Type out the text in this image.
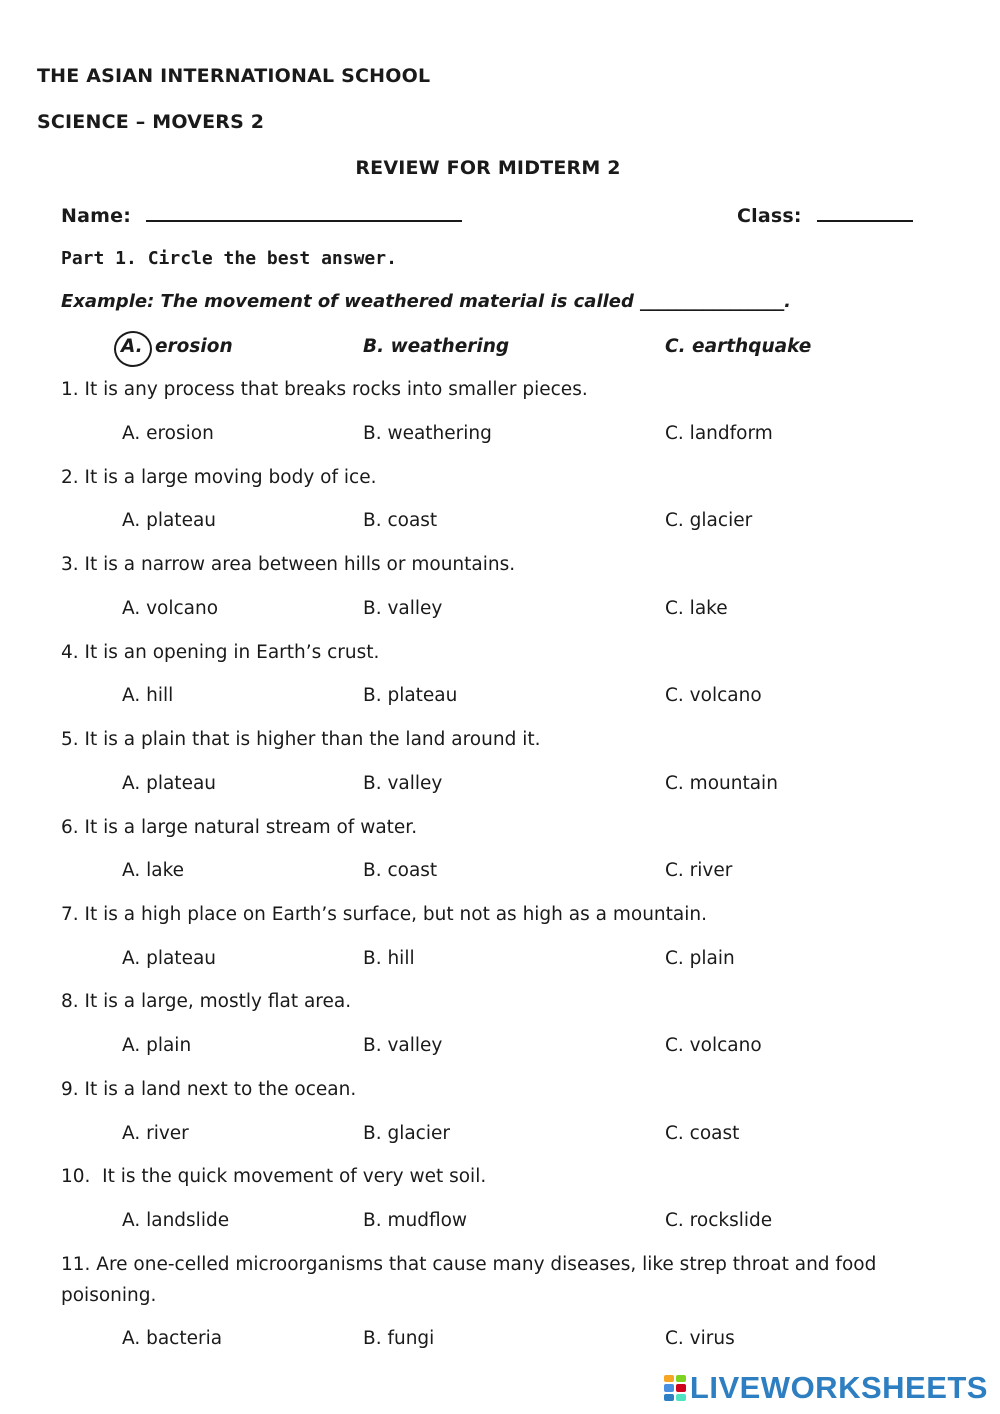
THE ASIAN INTERNATIONAL SCHOOL
SCIENCE – MOVERS 2
REVIEW FOR MIDTERM 2
Name:	Class:
Part 1. Circle the best answer.
Example: The movement of weathered material is called ________________.
A. erosion	B. weathering	C. earthquake
1. It is any process that breaks rocks into smaller pieces.
A. erosion	B. weathering	C. landform
2. It is a large moving body of ice.
A. plateau	B. coast	C. glacier
3. It is a narrow area between hills or mountains.
A. volcano	B. valley	C. lake
4. It is an opening in Earth’s crust.
A. hill	B. plateau	C. volcano
5. It is a plain that is higher than the land around it.
A. plateau	B. valley	C. mountain
6. It is a large natural stream of water.
A. lake	B. coast	C. river
7. It is a high place on Earth’s surface, but not as high as a mountain.
A. plateau	B. hill	C. plain
8. It is a large, mostly flat area.
A. plain	B. valley	C. volcano
9. It is a land next to the ocean.
A. river	B. glacier	C. coast
10.  It is the quick movement of very wet soil.
A. landslide	B. mudflow	C. rockslide
11. Are one-celled microorganisms that cause many diseases, like strep throat and food
poisoning.
A. bacteria	B. fungi	C. virus
LIVEWORKSHEETS
